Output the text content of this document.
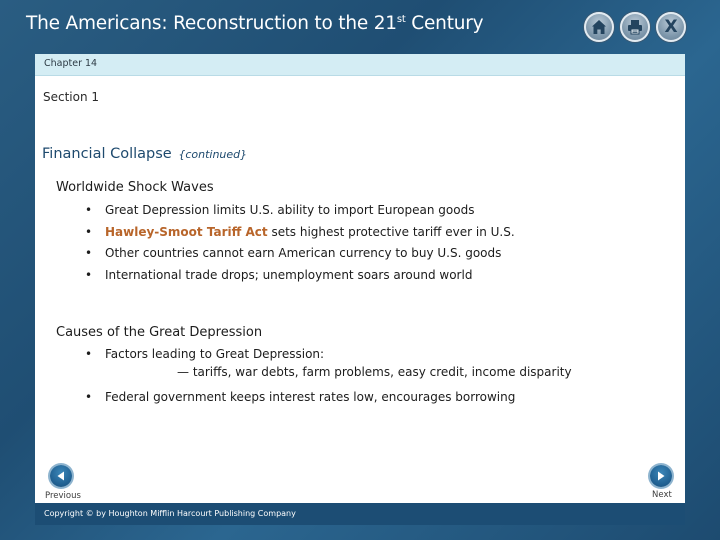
The Americans: Reconstruction to the 21st Century	X
Chapter 14
Section 1
Financial Collapse {continued}
Worldwide Shock Waves
• Great Depression limits U.S. ability to import European goods
• Hawley-Smoot Tariff Act sets highest protective tariff ever in U.S.
• Other countries cannot earn American currency to buy U.S. goods
• International trade drops; unemployment soars around world
Causes of the Great Depression
• Factors leading to Great Depression:
— tariffs, war debts, farm problems, easy credit, income disparity
• Federal government keeps interest rates low, encourages borrowing
Previous	Next
Copyright © by Houghton Mifflin Harcourt Publishing Company
